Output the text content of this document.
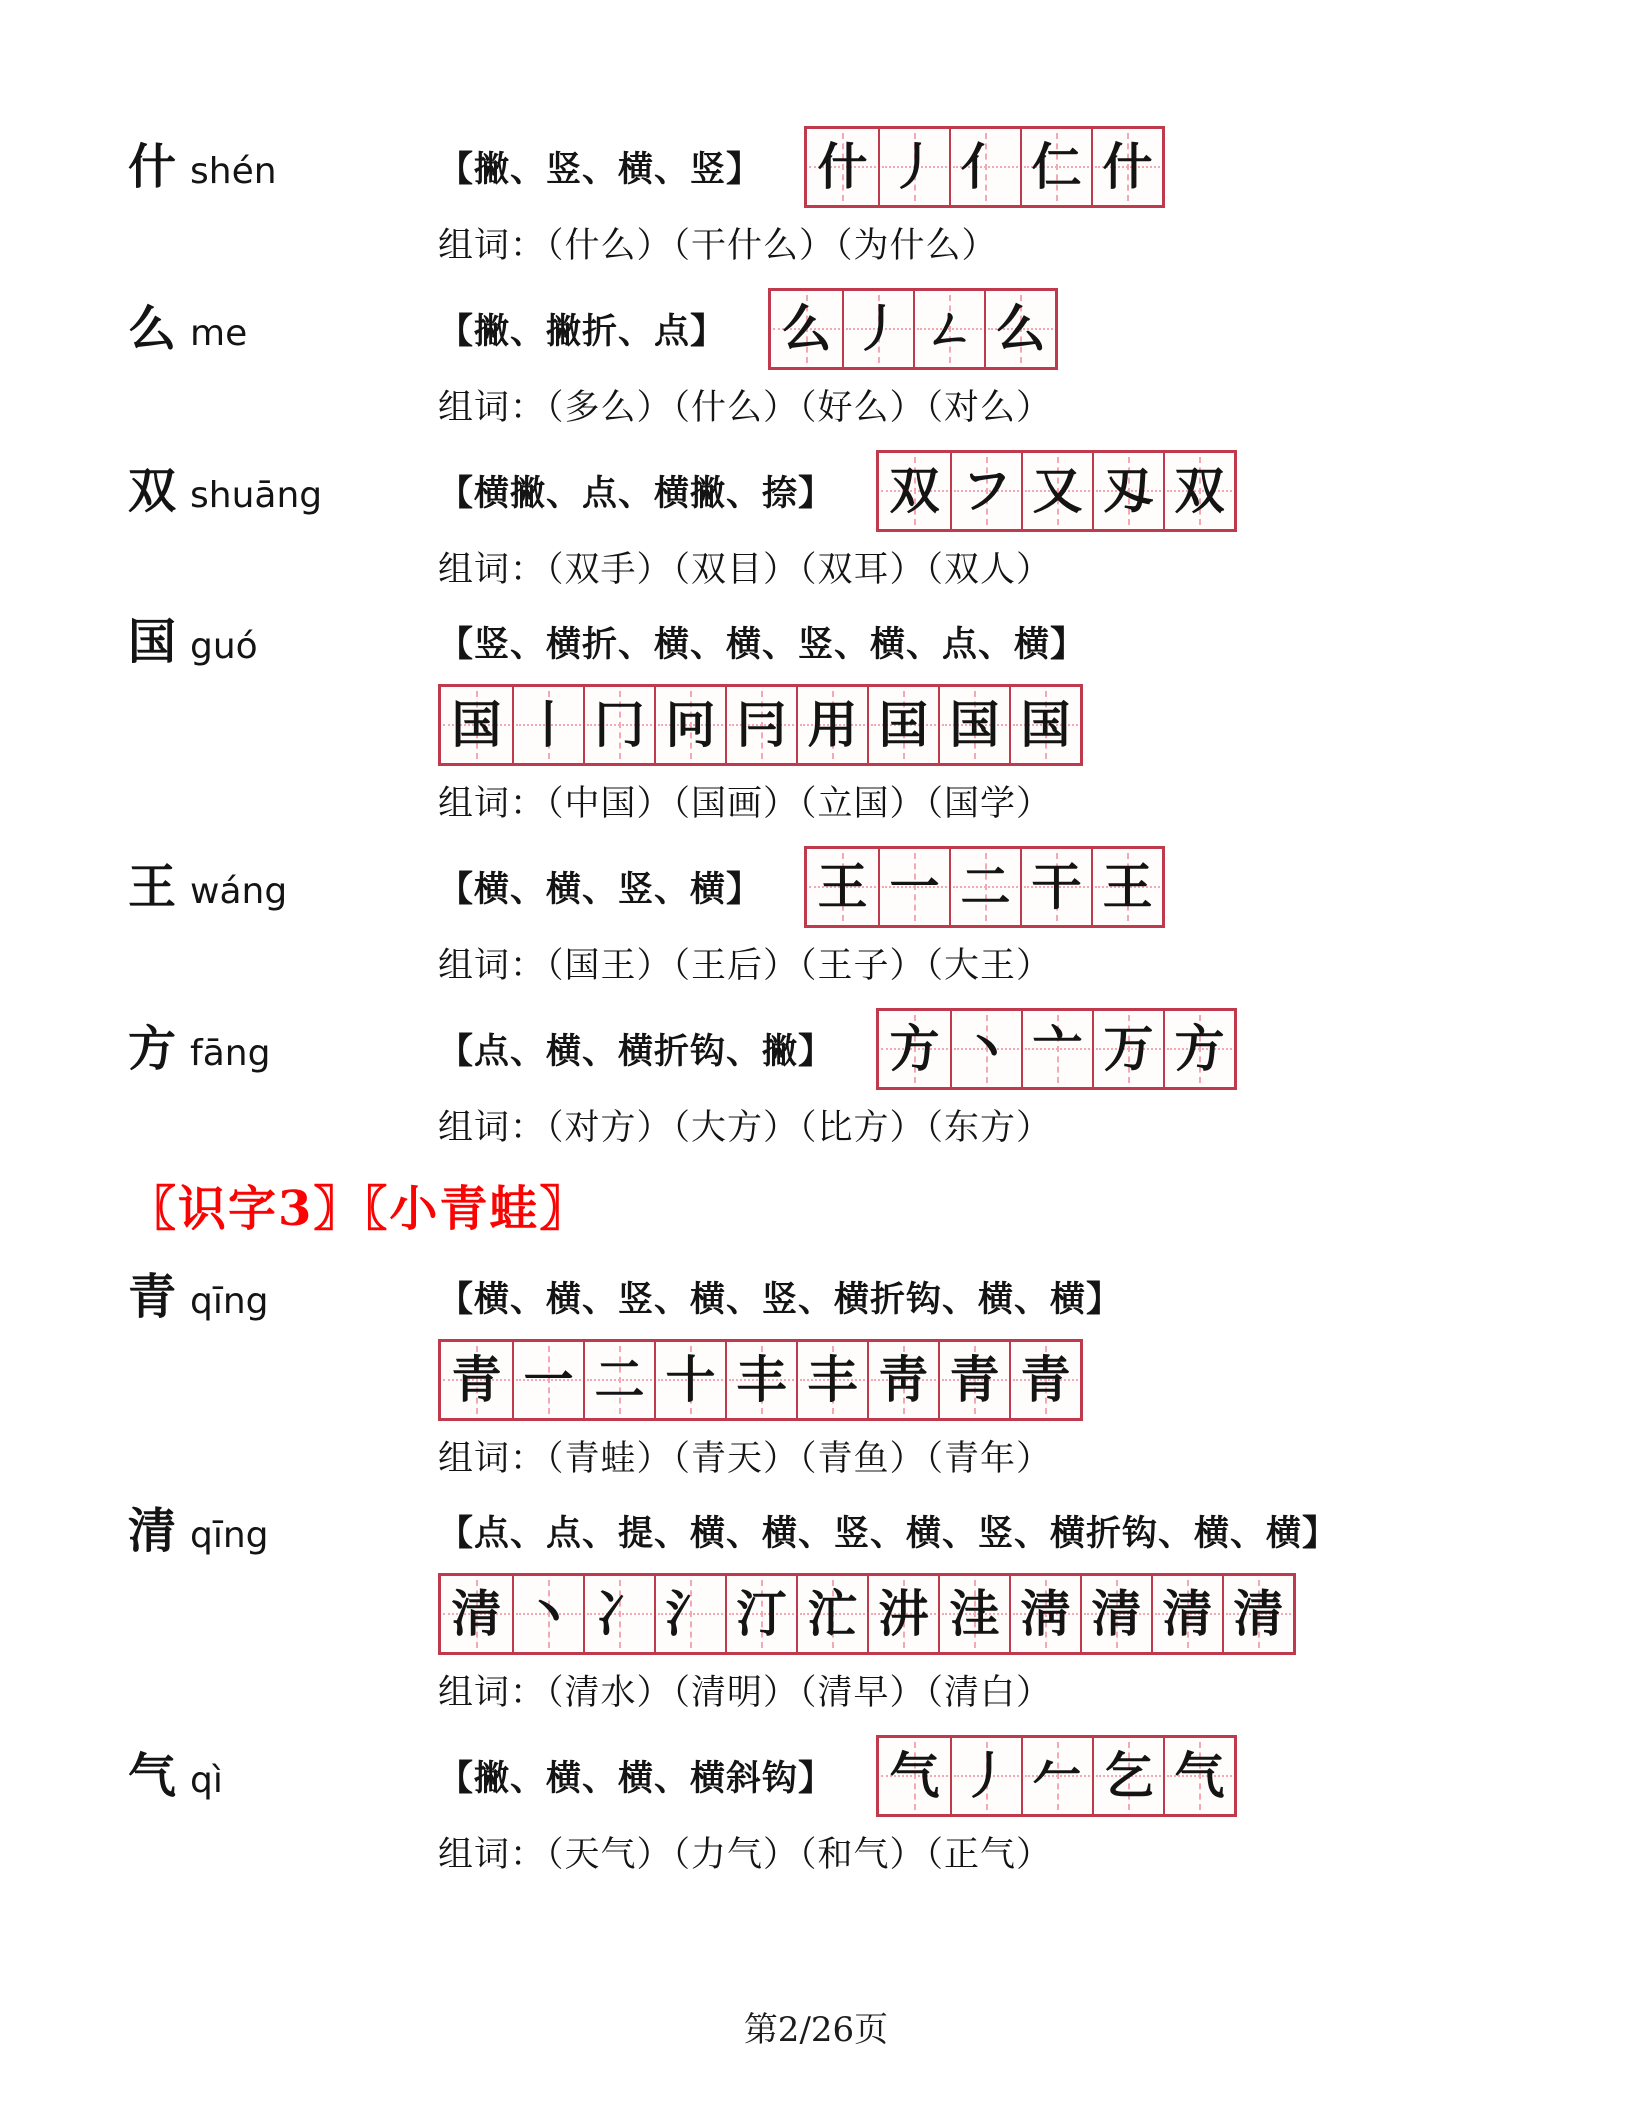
什 shén	【撇、竖、横、竖】 什 丿 亻 仁 什
组词：（什么）（干什么）（为什么）
么 me	【撇、撇折、点】 么 丿 ㄥ 么
组词：（多么）（什么）（好么）（对么）
双 shuāng	【横撇、点、横撇、捺】 双 フ 又 刄 双
组词：（双手）（双目）（双耳）（双人）
国 guó	【竖、横折、横、横、竖、横、点、横】
国 丨 冂 冋 冃 用 囯 国 国
组词：（中国）（国画）（立国）（国学）
王 wáng	【横、横、竖、横】 王 一 二 干 王
组词：（国王）（王后）（王子）（大王）
方 fāng	【点、横、横折钩、撇】 方 丶 亠 万 方
组词：（对方）（大方）（比方）（东方）
〖识字3〗〖小青蛙〗
青 qīng	【横、横、竖、横、竖、横折钩、横、横】
青 一 二 十 丰 丰 靑 青 青
组词：（青蛙）（青天）（青鱼）（青年）
清 qīng	【点、点、提、横、横、竖、横、竖、横折钩、横、横】
清 丶 冫 氵 汀 汒 汫 洼 淸 清 清 清
组词：（清水）（清明）（清早）（清白）
气 qì	【撇、横、横、横斜钩】 气 丿 𠂉 乞 气
组词：（天气）（力气）（和气）（正气）
第2/26页
